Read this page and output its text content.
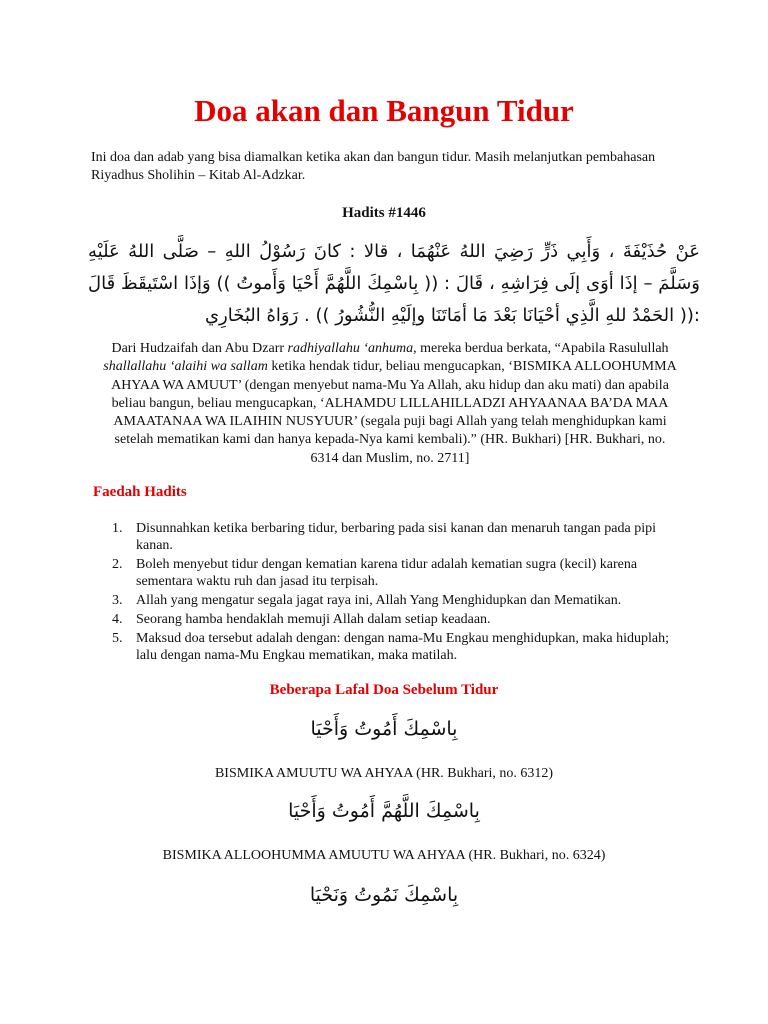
Doa akan dan Bangun Tidur

Ini doa dan adab yang bisa diamalkan ketika akan dan bangun tidur. Masih melanjutkan pembahasan Riyadhus Sholihin – Kitab Al-Adzkar.

Hadits #1446

عَنْ حُذَيْفَةَ ، وَأَبِي ذَرٍّ رَضِيَ اللهُ عَنْهُمَا ، قالا : كانَ رَسُوْلُ اللهِ – صَلَّى اللهُ عَلَيْهِ وَسَلَّمَ – إذَا أوَى إلَى فِرَاشِهِ ، قَالَ : (( بِاسْمِكَ اللَّهُمَّ أَحْيَا وَأَموتُ )) وَإذَا اسْتَيقَظَ قَالَ :(( الحَمْدُ للهِ الَّذِي أحْيَانَا بَعْدَ مَا أمَاتَنَا وإلَيْهِ النُّشُورُ )) . رَوَاهُ البُخَارِي

Dari Hudzaifah dan Abu Dzarr radhiyallahu ‘anhuma, mereka berdua berkata, “Apabila Rasulullah shallallahu ‘alaihi wa sallam ketika hendak tidur, beliau mengucapkan, ‘BISMIKA ALLOOHUMMA AHYAA WA AMUUT’ (dengan menyebut nama-Mu Ya Allah, aku hidup dan aku mati) dan apabila beliau bangun, beliau mengucapkan, ‘ALHAMDU LILLAHILLADZI AHYAANAA BA’DA MAA AMAATANAA WA ILAIHIN NUSYUUR’ (segala puji bagi Allah yang telah menghidupkan kami setelah mematikan kami dan hanya kepada-Nya kami kembali).” (HR. Bukhari) [HR. Bukhari, no. 6314 dan Muslim, no. 2711]

Faedah Hadits
1. Disunnahkan ketika berbaring tidur, berbaring pada sisi kanan dan menaruh tangan pada pipi kanan.
2. Boleh menyebut tidur dengan kematian karena tidur adalah kematian sugra (kecil) karena sementara waktu ruh dan jasad itu terpisah.
3. Allah yang mengatur segala jagat raya ini, Allah Yang Menghidupkan dan Mematikan.
4. Seorang hamba hendaklah memuji Allah dalam setiap keadaan.
5. Maksud doa tersebut adalah dengan: dengan nama-Mu Engkau menghidupkan, maka hiduplah; lalu dengan nama-Mu Engkau mematikan, maka matilah.
Beberapa Lafal Doa Sebelum Tidur

بِاسْمِكَ أَمُوتُ وَأَحْيَا

BISMIKA AMUUTU WA AHYAA (HR. Bukhari, no. 6312)

بِاسْمِكَ اللَّهُمَّ أَمُوتُ وَأَحْيَا

BISMIKA ALLOOHUMMA AMUUTU WA AHYAA (HR. Bukhari, no. 6324)

بِاسْمِكَ نَمُوتُ وَنَحْيَا
